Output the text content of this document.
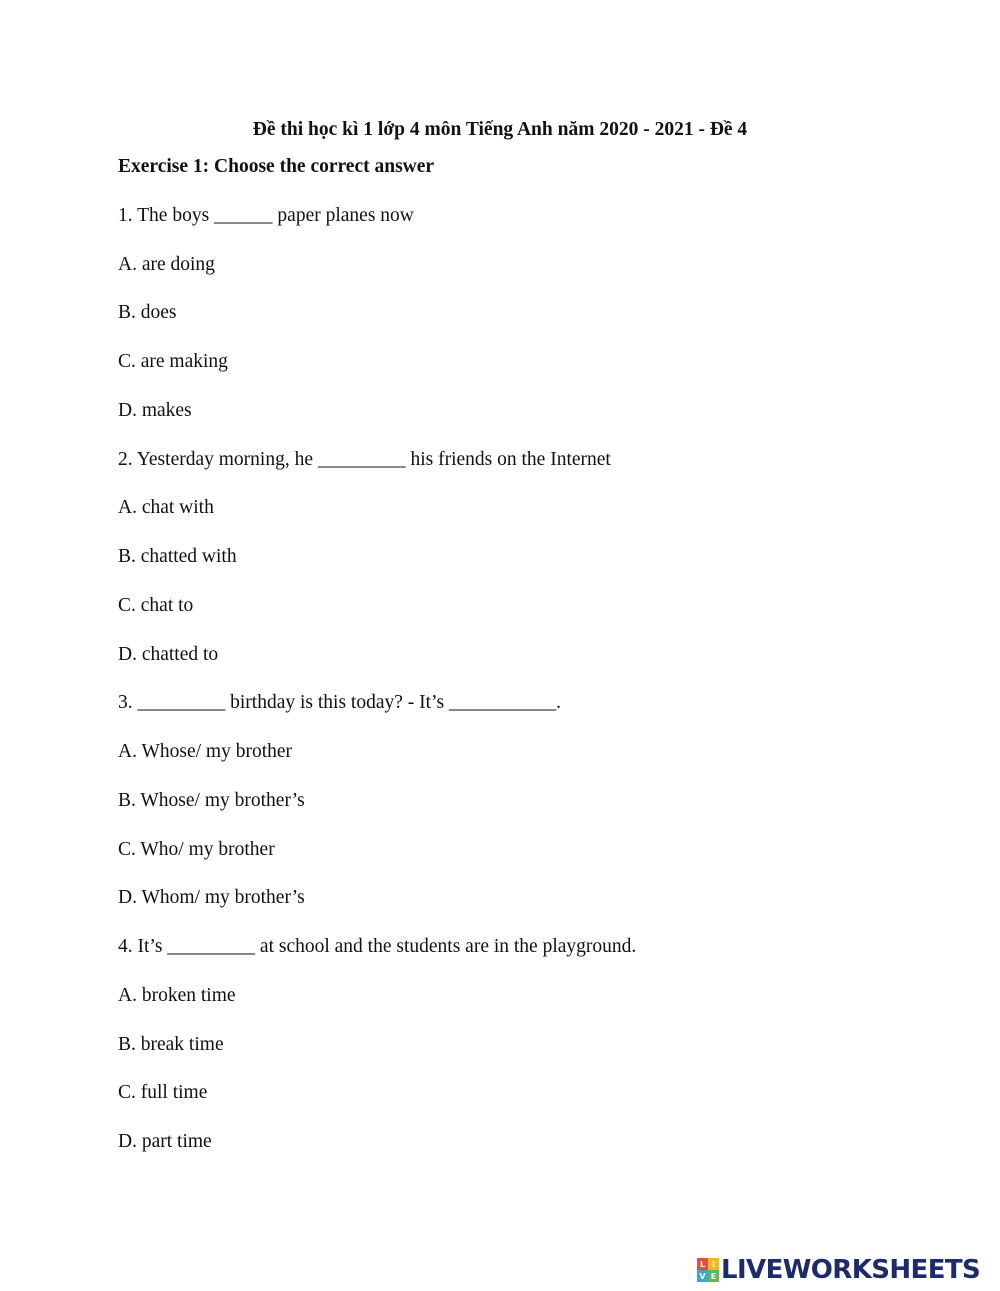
Đề thi học kì 1 lớp 4 môn Tiếng Anh năm 2020 - 2021 - Đề 4
Exercise 1: Choose the correct answer
1. The boys ______ paper planes now
A. are doing
B. does
C. are making
D. makes
2. Yesterday morning, he _________ his friends on the Internet
A. chat with
B. chatted with
C. chat to
D. chatted to
3. _________ birthday is this today? - It’s ___________.
A. Whose/ my brother
B. Whose/ my brother’s
C. Who/ my brother
D. Whom/ my brother’s
4. It’s _________ at school and the students are in the playground.
A. broken time
B. break time
C. full time
D. part time
L I
V E LIVEWORKSHEETS
